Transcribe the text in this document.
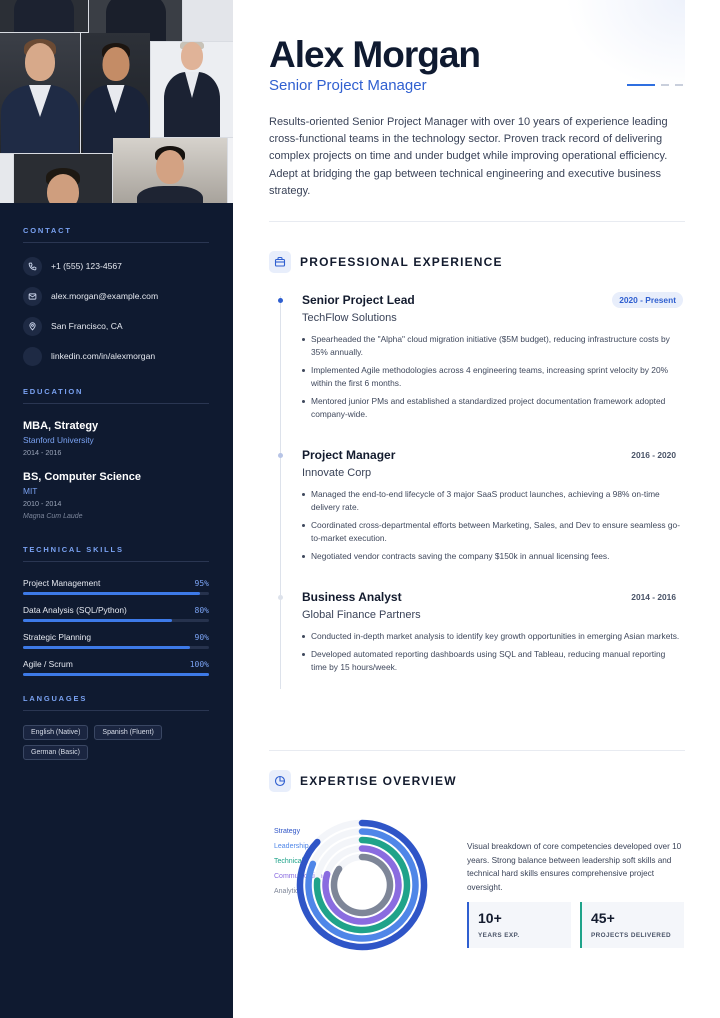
CONTACT
+1 (555) 123-4567
alex.morgan@example.com
San Francisco, CA
linkedin.com/in/alexmorgan
EDUCATION
MBA, Strategy
Stanford University
2014 - 2016
BS, Computer Science
MIT
2010 - 2014
Magna Cum Laude
TECHNICAL SKILLS
Project Management	95%
Data Analysis (SQL/Python)	80%
Strategic Planning	90%
Agile / Scrum	100%
LANGUAGES
English (Native)	Spanish (Fluent)
German (Basic)
Alex Morgan
Senior Project Manager

Results-oriented Senior Project Manager with over 10 years of experience leading cross-functional teams in the technology sector. Proven track record of delivering complex projects on time and under budget while improving operational efficiency. Adept at bridging the gap between technical engineering and executive business strategy.

PROFESSIONAL EXPERIENCE
Senior Project Lead	2020 - Present
TechFlow Solutions
Spearheaded the "Alpha" cloud migration initiative ($5M budget), reducing infrastructure costs by 35% annually.
Implemented Agile methodologies across 4 engineering teams, increasing sprint velocity by 20% within the first 6 months.
Mentored junior PMs and established a standardized project documentation framework adopted company-wide.
Project Manager	2016 - 2020
Innovate Corp
Managed the end-to-end lifecycle of 3 major SaaS product launches, achieving a 98% on-time delivery rate.
Coordinated cross-departmental efforts between Marketing, Sales, and Dev to ensure seamless go-to-market execution.
Negotiated vendor contracts saving the company $150k in annual licensing fees.
Business Analyst	2014 - 2016
Global Finance Partners
Conducted in-depth market analysis to identify key growth opportunities in emerging Asian markets.
Developed automated reporting dashboards using SQL and Tableau, reducing manual reporting time by 15 hours/week.
EXPERTISE OVERVIEW
Strategy
Leadership
Technical
Communication
Analytics

Visual breakdown of core competencies developed over 10 years. Strong balance between leadership soft skills and technical hard skills ensures comprehensive project oversight.

10+
YEARS EXP.
45+
PROJECTS DELIVERED
